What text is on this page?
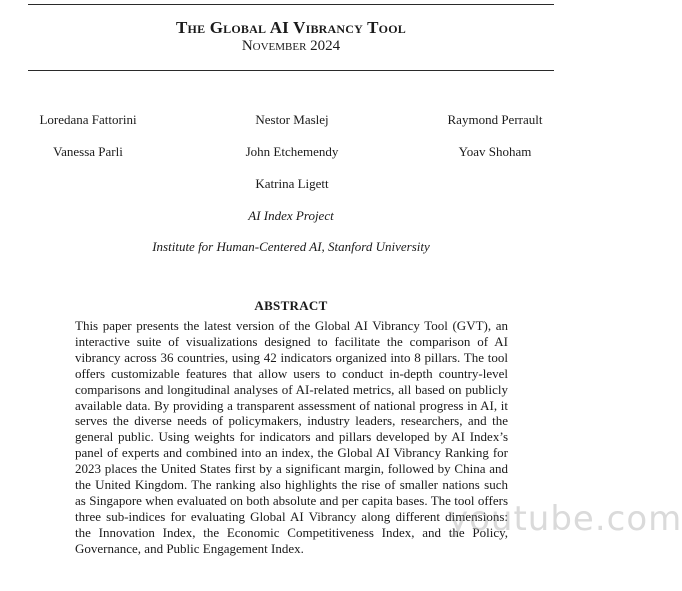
The Global AI Vibrancy Tool
November 2024
Loredana Fattorini	Nestor Maslej	Raymond Perrault
Vanessa Parli	John Etchemendy	Yoav Shoham
Katrina Ligett
AI Index Project
Institute for Human-Centered AI, Stanford University
ABSTRACT
This paper presents the latest version of the Global AI Vibrancy Tool (GVT), an interactive suite of visualizations designed to facilitate the comparison of AI vibrancy across 36 countries, using 42 indicators organized into 8 pillars. The tool offers customizable features that allow users to conduct in-depth country-level comparisons and longitudinal analyses of AI-related metrics, all based on publicly available data. By providing a transparent assessment of national progress in AI, it serves the diverse needs of policymakers, industry leaders, researchers, and the general public. Using weights for indicators and pillars developed by AI Index’s panel of experts and combined into an index, the Global AI Vibrancy Ranking for 2023 places the United States first by a significant margin, followed by China and the United Kingdom. The ranking also highlights the rise of smaller nations such as Singapore when evaluated on both absolute and per capita bases. The tool offers three sub-indices for evaluating Global AI Vibrancy along different dimensions: the Innovation Index, the Economic Competitiveness Index, and the Policy, Governance, and Public Engagement Index.
youtube.com
